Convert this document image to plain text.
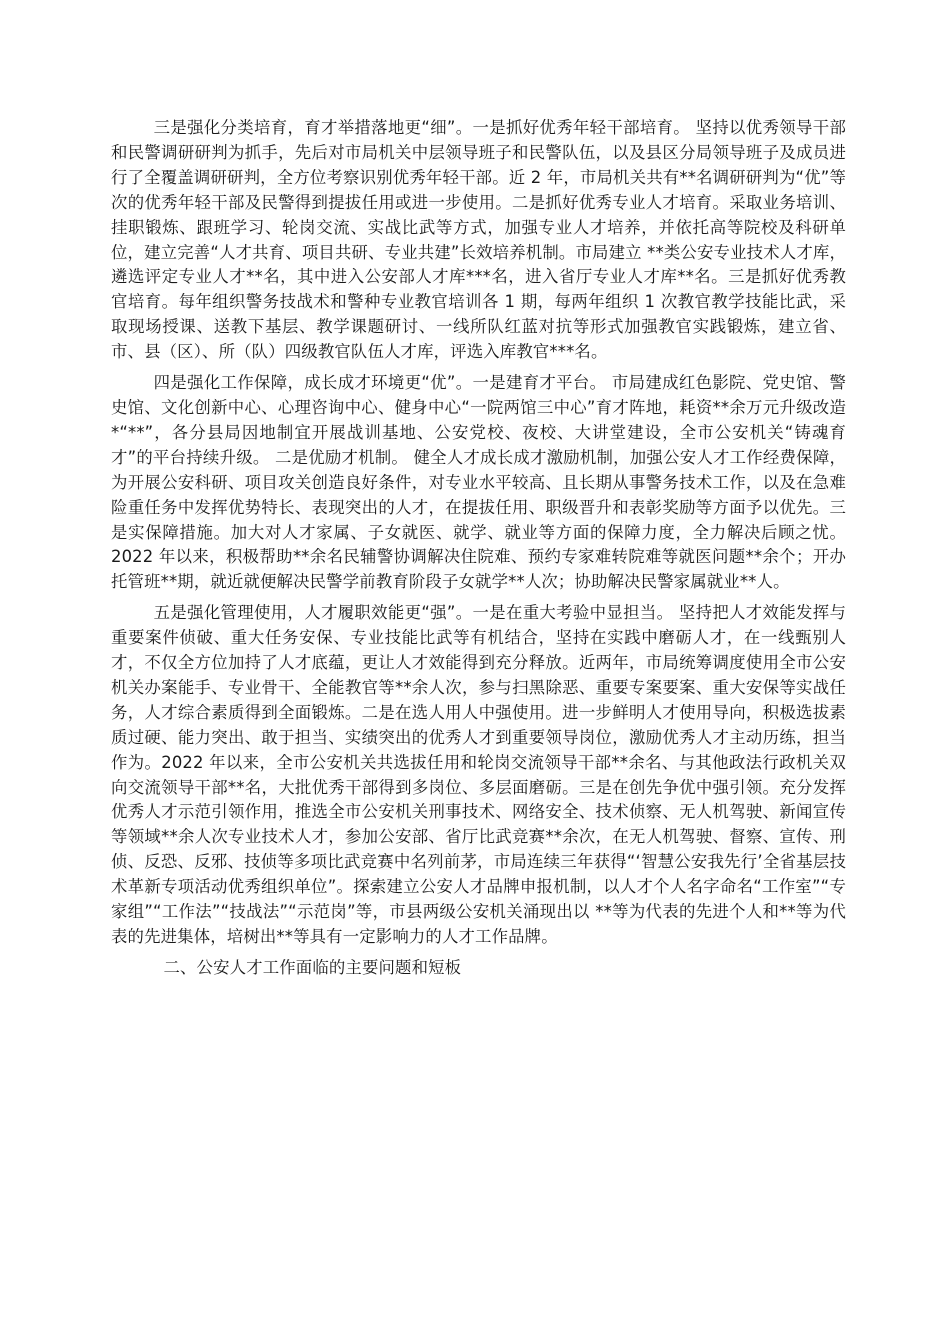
三是强化分类培育，育才举措落地更“细”。一是抓好优秀年轻干部培育。 坚持以优秀领导干部和民警调研研判为抓手，先后对市局机关中层领导班子和民警队伍，以及县区分局领导班子及成员进行了全覆盖调研研判，全方位考察识别优秀年轻干部。近 2 年，市局机关共有**名调研研判为“优”等次的优秀年轻干部及民警得到提拔任用或进一步使用。二是抓好优秀专业人才培育。采取业务培训、挂职锻炼、跟班学习、轮岗交流、实战比武等方式，加强专业人才培养，并依托高等院校及科研单位，建立完善“人才共育、项目共研、专业共建”长效培养机制。市局建立 **类公安专业技术人才库，遴选评定专业人才**名，其中进入公安部人才库***名，进入省厅专业人才库**名。三是抓好优秀教官培育。每年组织警务技战术和警种专业教官培训各 1 期，每两年组织 1 次教官教学技能比武，采取现场授课、送教下基层、教学课题研讨、一线所队红蓝对抗等形式加强教官实践锻炼，建立省、市、县（区）、所（队）四级教官队伍人才库，评选入库教官***名。

四是强化工作保障，成长成才环境更“优”。一是建育才平台。 市局建成红色影院、党史馆、警史馆、文化创新中心、心理咨询中心、健身中心“一院两馆三中心”育才阵地，耗资**余万元升级改造*“**”，各分县局因地制宜开展战训基地、公安党校、夜校、大讲堂建设，全市公安机关“铸魂育才”的平台持续升级。 二是优励才机制。 健全人才成长成才激励机制，加强公安人才工作经费保障，为开展公安科研、项目攻关创造良好条件，对专业水平较高、且长期从事警务技术工作，以及在急难险重任务中发挥优势特长、表现突出的人才，在提拔任用、职级晋升和表彰奖励等方面予以优先。三是实保障措施。加大对人才家属、子女就医、就学、就业等方面的保障力度，全力解决后顾之忧。2022 年以来，积极帮助**余名民辅警协调解决住院难、预约专家难转院难等就医问题**余个；开办托管班**期，就近就便解决民警学前教育阶段子女就学**人次；协助解决民警家属就业**人。

五是强化管理使用，人才履职效能更“强”。一是在重大考验中显担当。 坚持把人才效能发挥与重要案件侦破、重大任务安保、专业技能比武等有机结合，坚持在实践中磨砺人才，在一线甄别人才，不仅全方位加持了人才底蕴，更让人才效能得到充分释放。近两年，市局统筹调度使用全市公安机关办案能手、专业骨干、全能教官等**余人次，参与扫黑除恶、重要专案要案、重大安保等实战任务，人才综合素质得到全面锻炼。二是在选人用人中强使用。进一步鲜明人才使用导向，积极选拔素质过硬、能力突出、敢于担当、实绩突出的优秀人才到重要领导岗位，激励优秀人才主动历练，担当作为。2022 年以来，全市公安机关共选拔任用和轮岗交流领导干部**余名、与其他政法行政机关双向交流领导干部**名，大批优秀干部得到多岗位、多层面磨砺。三是在创先争优中强引领。充分发挥优秀人才示范引领作用，推选全市公安机关刑事技术、网络安全、技术侦察、无人机驾驶、新闻宣传等领域**余人次专业技术人才，参加公安部、省厅比武竞赛**余次，在无人机驾驶、督察、宣传、刑侦、反恐、反邪、技侦等多项比武竞赛中名列前茅，市局连续三年获得“‘智慧公安我先行’全省基层技术革新专项活动优秀组织单位”。探索建立公安人才品牌申报机制，以人才个人名字命名“工作室”“专家组”“工作法”“技战法”“示范岗”等，市县两级公安机关涌现出以 **等为代表的先进个人和**等为代表的先进集体，培树出**等具有一定影响力的人才工作品牌。

二、公安人才工作面临的主要问题和短板
